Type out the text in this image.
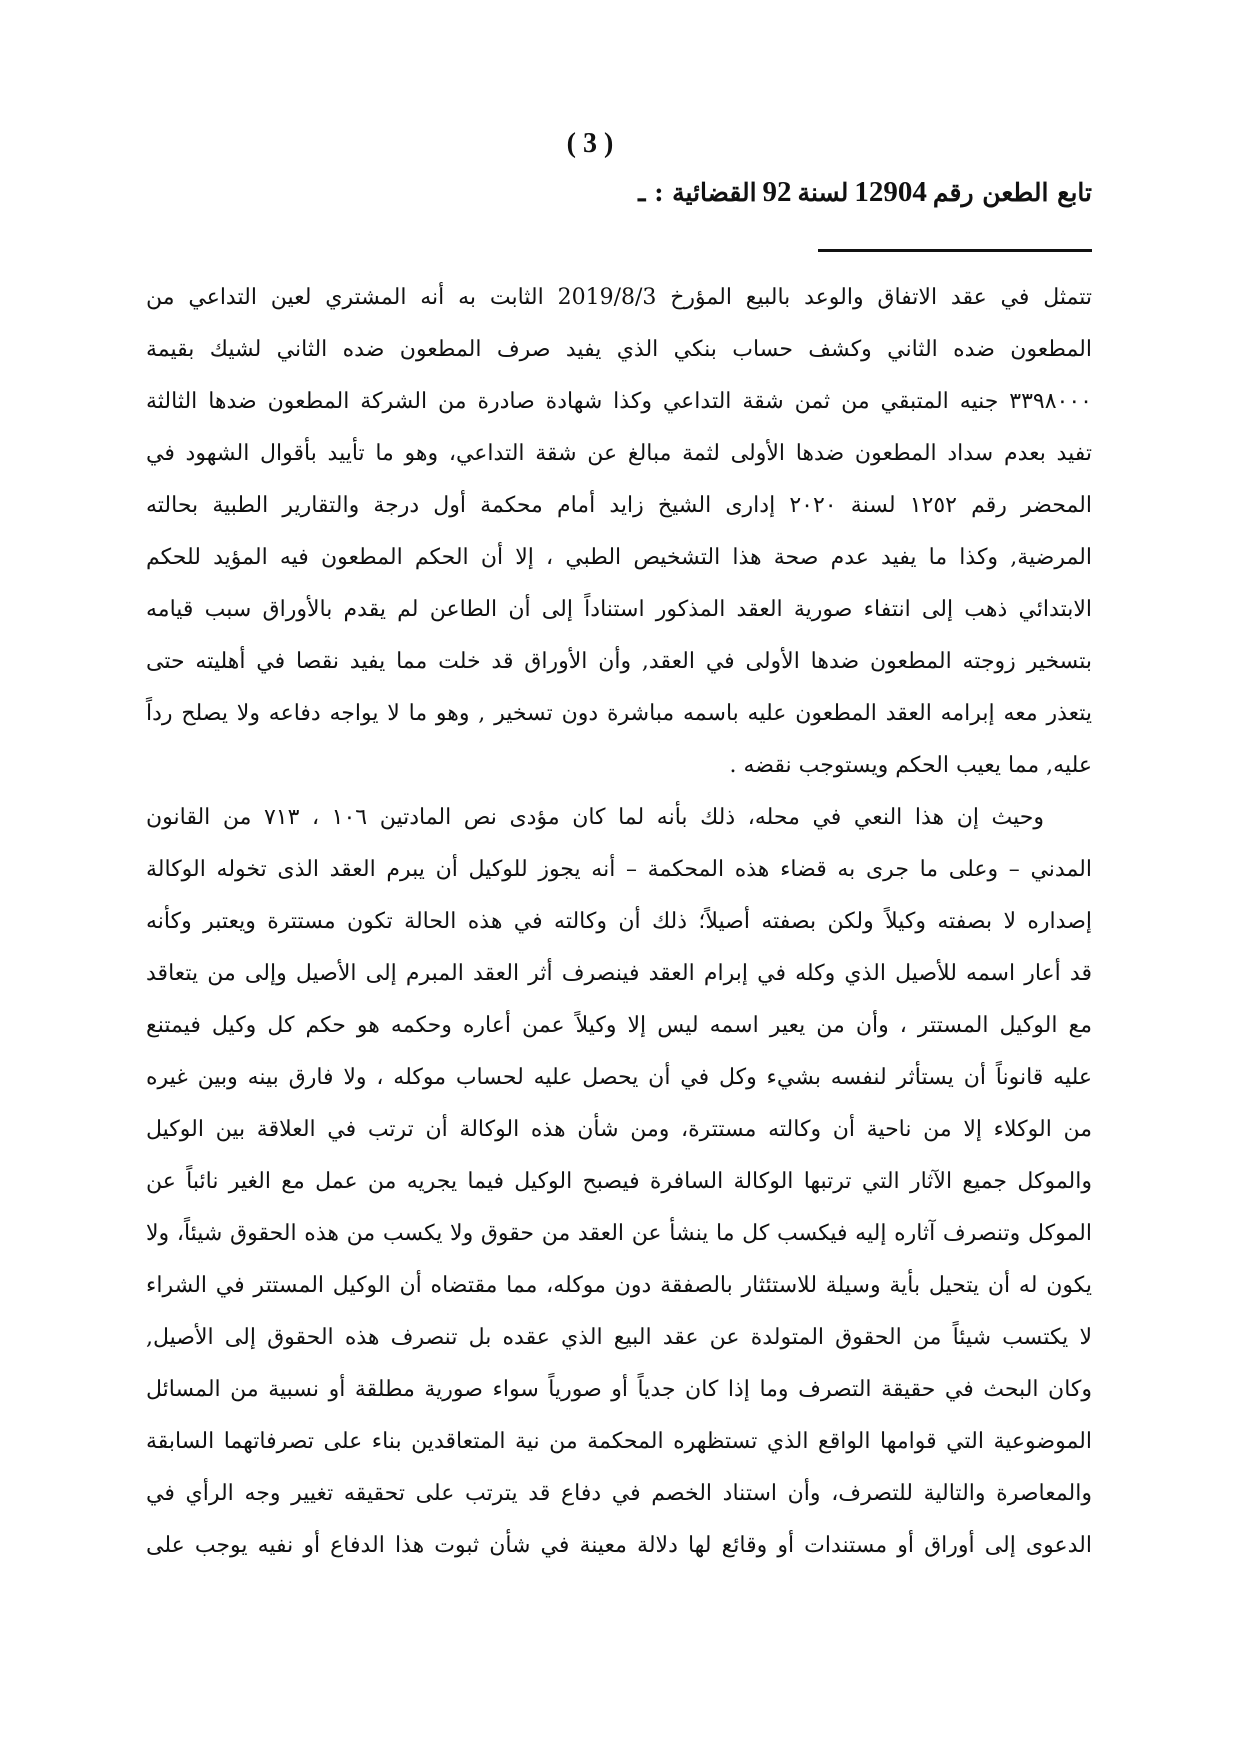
( 3 )
تابع الطعن رقم12904لسنة92القضائية : ـ
تتمثل في عقد الاتفاق والوعد بالبيع المؤرخ 2019/8/3 الثابت به أنه المشتري لعين التداعي من
المطعون ضده الثاني وكشف حساب بنكي الذي يفيد صرف المطعون ضده الثاني لشيك بقيمة
٣٣٩٨٠٠٠ جنيه المتبقي من ثمن شقة التداعي وكذا شهادة صادرة من الشركة المطعون ضدها الثالثة
تفيد بعدم سداد المطعون ضدها الأولى لثمة مبالغ عن شقة التداعي، وهو ما تأييد بأقوال الشهود في
المحضر رقم ١٢٥٢ لسنة ٢٠٢٠ إدارى الشيخ زايد أمام محكمة أول درجة والتقارير الطبية بحالته
المرضية, وكذا ما يفيد عدم صحة هذا التشخيص الطبي ، إلا أن الحكم المطعون فيه المؤيد للحكم
الابتدائي ذهب إلى انتفاء صورية العقد المذكور استناداً إلى أن الطاعن لم يقدم بالأوراق سبب قيامه
بتسخير زوجته المطعون ضدها الأولى في العقد, وأن الأوراق قد خلت مما يفيد نقصا في أهليته حتى
يتعذر معه إبرامه العقد المطعون عليه باسمه مباشرة دون تسخير , وهو ما لا يواجه دفاعه ولا يصلح رداً
عليه, مما يعيب الحكم ويستوجب نقضه .
وحيث إن هذا النعي في محله، ذلك بأنه لما كان مؤدى نص المادتين ١٠٦ ، ٧١٣ من القانون
المدني – وعلى ما جرى به قضاء هذه المحكمة – أنه يجوز للوكيل أن يبرم العقد الذى تخوله الوكالة
إصداره لا بصفته وكيلاً ولكن بصفته أصيلاً؛ ذلك أن وكالته في هذه الحالة تكون مستترة ويعتبر وكأنه
قد أعار اسمه للأصيل الذي وكله في إبرام العقد فينصرف أثر العقد المبرم إلى الأصيل وإلى من يتعاقد
مع الوكيل المستتر ، وأن من يعير اسمه ليس إلا وكيلاً عمن أعاره وحكمه هو حكم كل وكيل فيمتنع
عليه قانوناً أن يستأثر لنفسه بشيء وكل في أن يحصل عليه لحساب موكله ، ولا فارق بينه وبين غيره
من الوكلاء إلا من ناحية أن وكالته مستترة، ومن شأن هذه الوكالة أن ترتب في العلاقة بين الوكيل
والموكل جميع الآثار التي ترتبها الوكالة السافرة فيصبح الوكيل فيما يجريه من عمل مع الغير نائباً عن
الموكل وتنصرف آثاره إليه فيكسب كل ما ينشأ عن العقد من حقوق ولا يكسب من هذه الحقوق شيئاً، ولا
يكون له أن يتحيل بأية وسيلة للاستئثار بالصفقة دون موكله، مما مقتضاه أن الوكيل المستتر في الشراء
لا يكتسب شيئاً من الحقوق المتولدة عن عقد البيع الذي عقده بل تنصرف هذه الحقوق إلى الأصيل,
وكان البحث في حقيقة التصرف وما إذا كان جدياً أو صورياً سواء صورية مطلقة أو نسبية من المسائل
الموضوعية التي قوامها الواقع الذي تستظهره المحكمة من نية المتعاقدين بناء على تصرفاتهما السابقة
والمعاصرة والتالية للتصرف، وأن استناد الخصم في دفاع قد يترتب على تحقيقه تغيير وجه الرأي في
الدعوى إلى أوراق أو مستندات أو وقائع لها دلالة معينة في شأن ثبوت هذا الدفاع أو نفيه يوجب على
